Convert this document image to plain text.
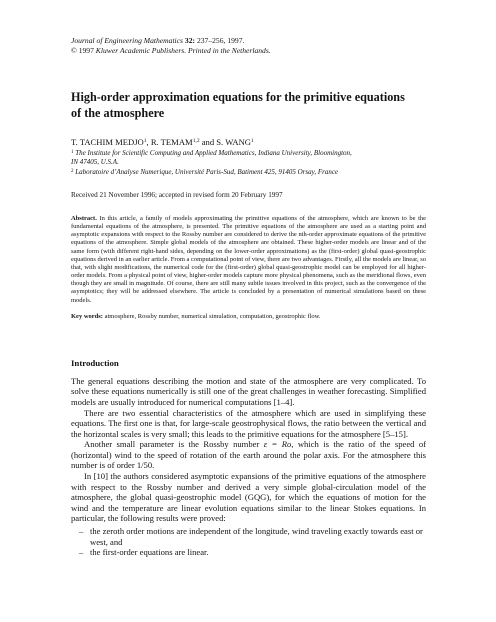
Journal of Engineering Mathematics 32: 237–256, 1997.
© 1997 Kluwer Academic Publishers. Printed in the Netherlands.
High-order approximation equations for the primitive equations
of the atmosphere
T. TACHIM MEDJO$^1$, R. TEMAM$^{1,2}$ and S. WANG$^1$
$^1$ The Institute for Scientific Computing and Applied Mathematics, Indiana University, Bloomington,
IN 47405, U.S.A.
$^2$ Laboratoire d’Analyse Numerique, Université Paris-Sud, Batiment 425, 91405 Orsay, France
Received 21 November 1996; accepted in revised form 20 February 1997
Abstract. In this article, a family of models approximating the primitive equations of the atmosphere, which are known to be the fundamental equations of the atmosphere, is presented. The primitive equations of the atmosphere are used as a starting point and asymptotic expansions with respect to the Rossby number are considered to derive the nth-order approximate equations of the primitive equations of the atmosphere. Simple global models of the atmosphere are obtained. These higher-order models are linear and of the same form (with different right-hand sides, depending on the lower-order approximations) as the (first-order) global quasi-geostrophic equations derived in an earlier article. From a computational point of view, there are two advantages. Firstly, all the models are linear, so that, with slight modifications, the numerical code for the (first-order) global quasi-geostrophic model can be employed for all higher-order models. From a physical point of view, higher-order models capture more physical phenomena, such as the meridional flows, even though they are small in magnitude. Of course, there are still many subtle issues involved in this project, such as the convergence of the asymptotics; they will be addressed elsewhere. The article is concluded by a presentation of numerical simulations based on these models.
Key words: atmosphere, Rossby number, numerical simulation, computation, geostrophic flow.
Introduction

The general equations describing the motion and state of the atmosphere are very complicated. To solve these equations numerically is still one of the great challenges in weather forecasting. Simplified models are usually introduced for numerical computations [1–4].

There are two essential characteristics of the atmosphere which are used in simplifying these equations. The first one is that, for large-scale geostrophysical flows, the ratio between the vertical and the horizontal scales is very small; this leads to the primitive equations for the atmosphere [5–15].

Another small parameter is the Rossby number ε = Ro, which is the ratio of the speed of (horizontal) wind to the speed of rotation of the earth around the polar axis. For the atmosphere this number is of order 1/50.

In [10] the authors considered asymptotic expansions of the primitive equations of the atmosphere with respect to the Rossby number and derived a very simple global-circulation model of the atmosphere, the global quasi-geostrophic model (GQG), for which the equations of motion for the wind and the temperature are linear evolution equations similar to the linear Stokes equations. In particular, the following results were proved:

– the zeroth order motions are independent of the longitude, wind traveling exactly towards east or west, and
– the first-order equations are linear.
